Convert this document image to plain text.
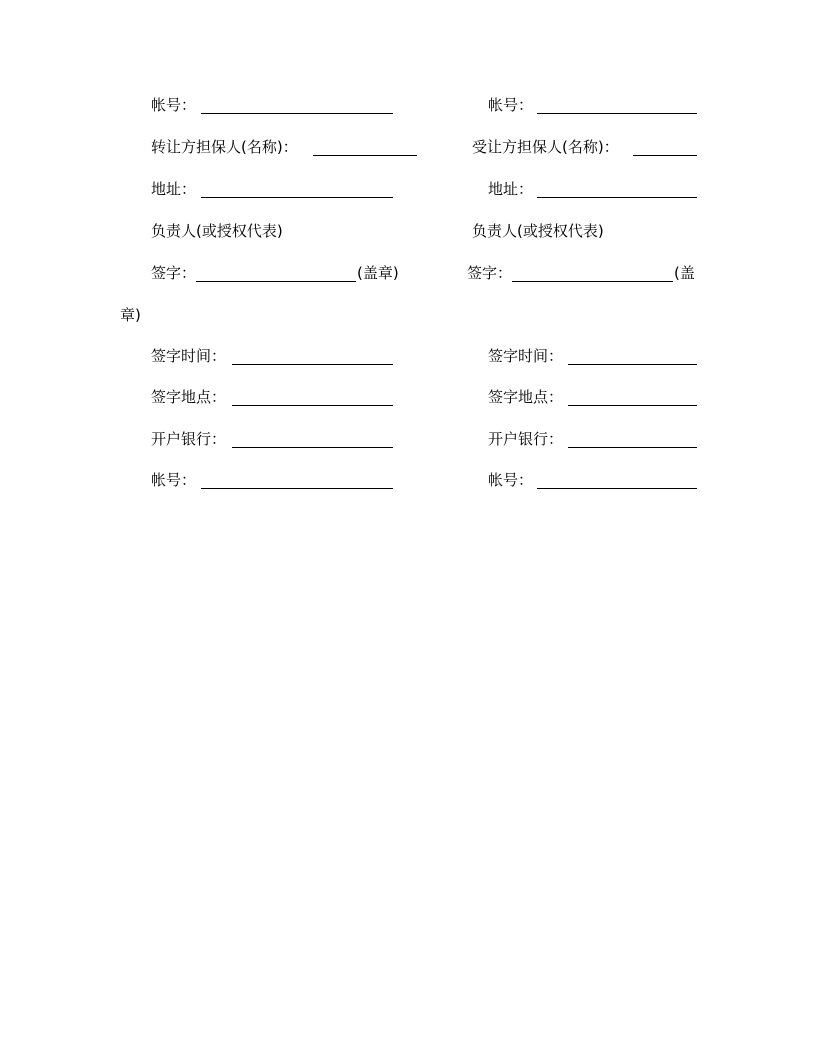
帐号：	帐号：
转让方担保人(名称)：	受让方担保人(名称)：
地址：	地址：
负责人(或授权代表)	负责人(或授权代表)
签字：	(盖章)	签字：	(盖
章)
签字时间：	签字时间：
签字地点：	签字地点：
开户银行：	开户银行：
帐号：	帐号：
